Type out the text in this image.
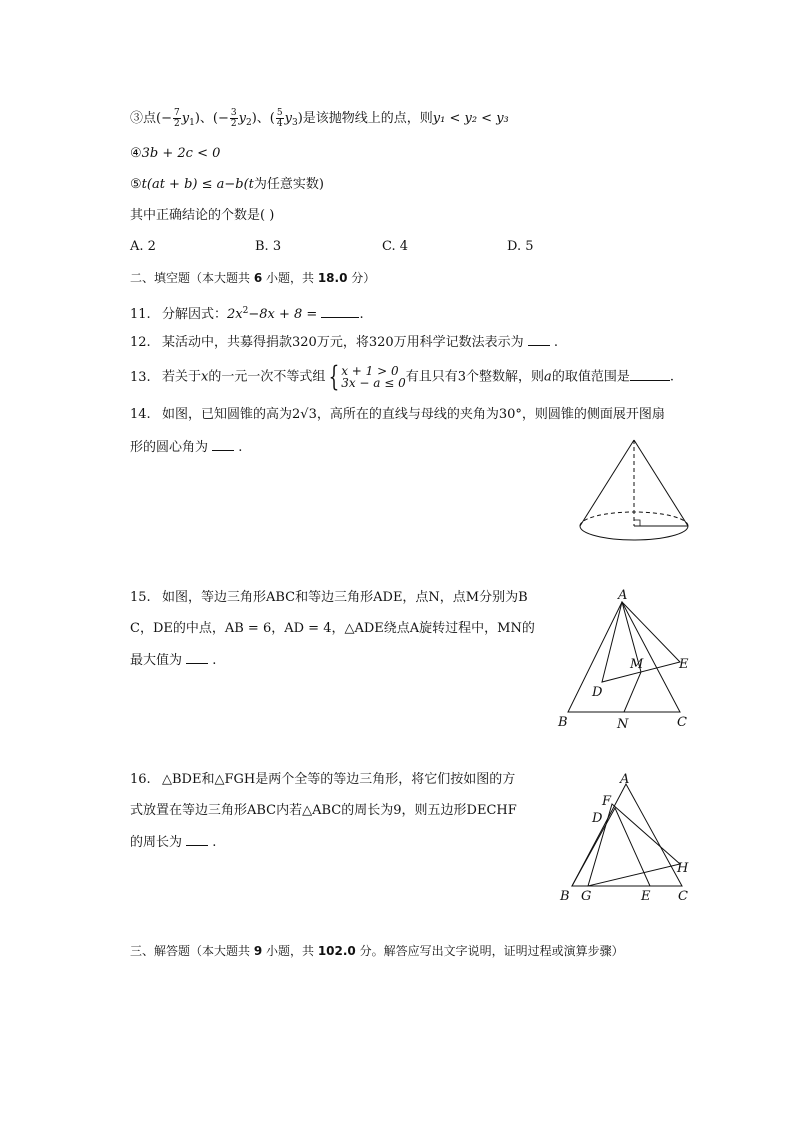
③点(− $\frac{7}{2} y_1$)、(− $\frac{3}{2} y_2$)、( $\frac{5}{4} y_3$)是该抛物线上的点，则y₁ < y₂ < y₃
④3b + 2c < 0
⑤t(at + b) ≤ a−b(t为任意实数)
其中正确结论的个数是( )
A. 2	B. 3	C. 4	D. 5
二、填空题（本大题共 6 小题，共 18.0 分）
11. 分解因式：$2x^2-8x + 8$ =	.
12. 某活动中，共募得捐款320万元，将320万用科学记数法表示为 .
13. 若关于x的一元一次不等式组 { x + 1 > 0
3x − a ≤ 0 有且只有3个整数解，则a的取值范围是	.
14. 如图，已知圆锥的高为2√3，高所在的直线与母线的夹角为30°，则圆锥的侧面展开图扇
形的圆心角为 .
15. 如图，等边三角形ABC和等边三角形ADE，点N，点M分别为B
C，DE的中点，AB = 6，AD = 4，△ADE绕点A旋转过程中，MN的
最大值为 .
A
B	C
D
E
M
N
16. △BDE和△FGH是两个全等的等边三角形，将它们按如图的方
式放置在等边三角形ABC内若△ABC的周长为9，则五边形DECHF
的周长为 .
A
B	C
D
E
F
G
H
三、解答题（本大题共 9 小题，共 102.0 分。解答应写出文字说明，证明过程或演算步骤）
